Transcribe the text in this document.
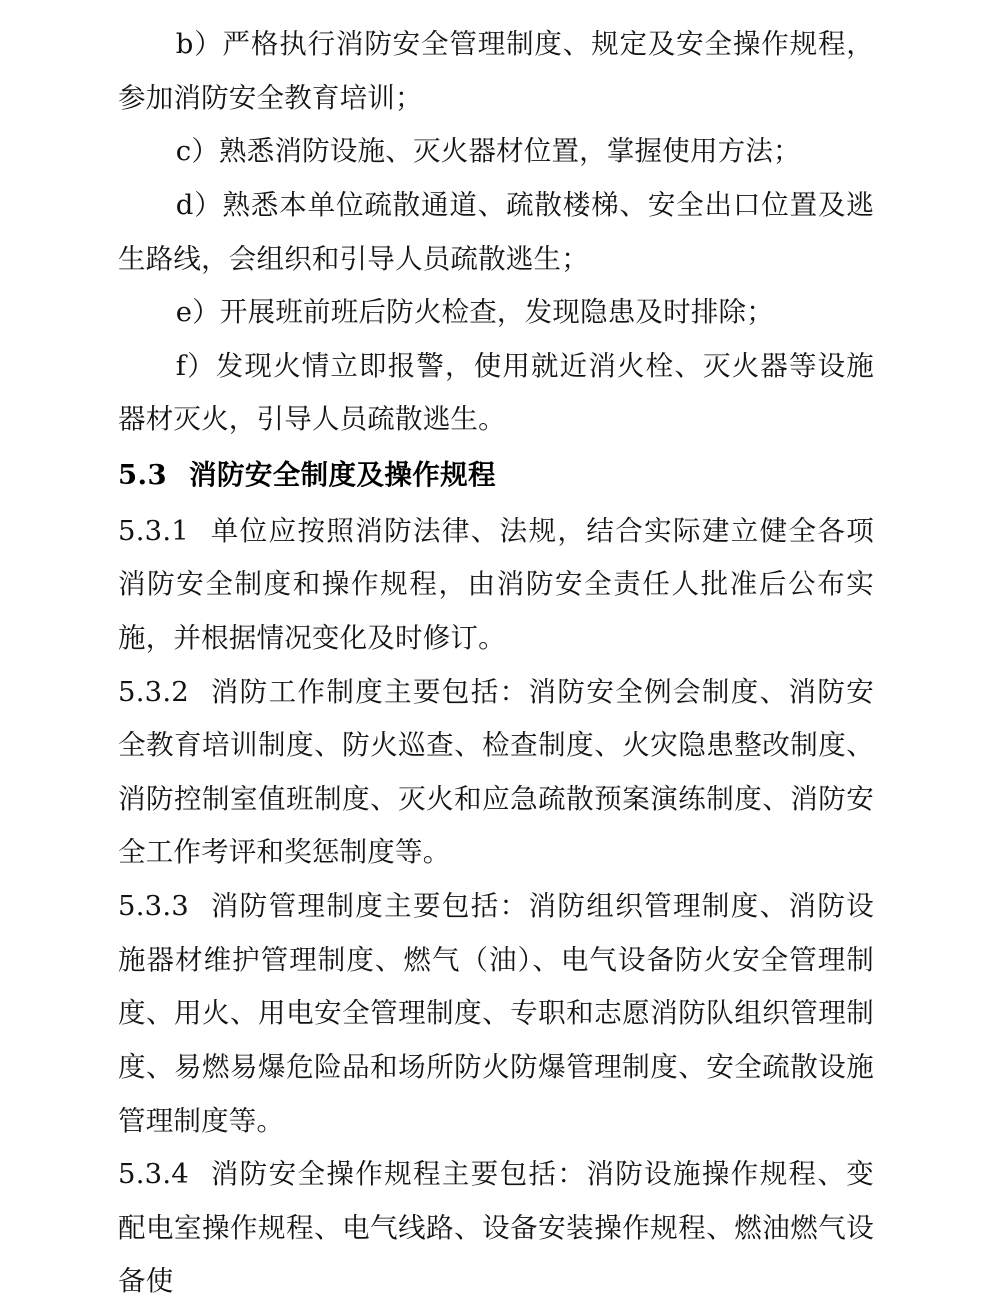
b）严格执行消防安全管理制度、规定及安全操作规程，参加消防安全教育培训；

c）熟悉消防设施、灭火器材位置，掌握使用方法；

d）熟悉本单位疏散通道、疏散楼梯、安全出口位置及逃生路线，会组织和引导人员疏散逃生；

e）开展班前班后防火检查，发现隐患及时排除；

f）发现火情立即报警，使用就近消火栓、灭火器等设施器材灭火，引导人员疏散逃生。

5.3 消防安全制度及操作规程

5.3.1 单位应按照消防法律、法规，结合实际建立健全各项消防安全制度和操作规程，由消防安全责任人批准后公布实施，并根据情况变化及时修订。

5.3.2 消防工作制度主要包括：消防安全例会制度、消防安全教育培训制度、防火巡查、检查制度、火灾隐患整改制度、消防控制室值班制度、灭火和应急疏散预案演练制度、消防安全工作考评和奖惩制度等。

5.3.3 消防管理制度主要包括：消防组织管理制度、消防设施器材维护管理制度、燃气（油）、电气设备防火安全管理制度、用火、用电安全管理制度、专职和志愿消防队组织管理制度、易燃易爆危险品和场所防火防爆管理制度、安全疏散设施管理制度等。

5.3.4 消防安全操作规程主要包括：消防设施操作规程、变配电室操作规程、电气线路、设备安装操作规程、燃油燃气设备使
